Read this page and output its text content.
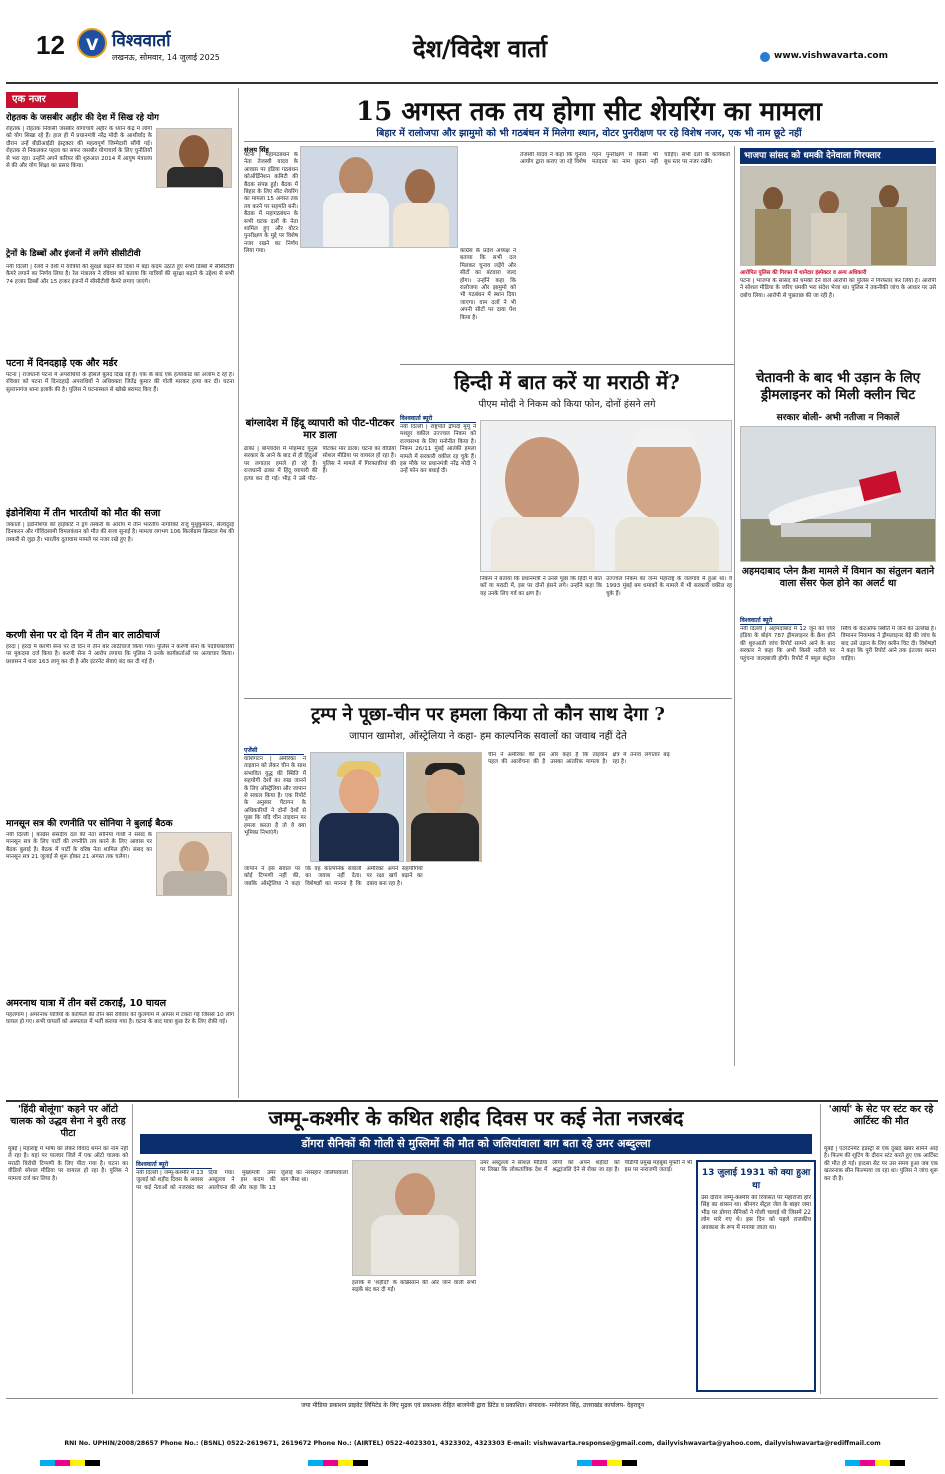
12 V विश्ववार्ता
लखनऊ, सोमवार, 14 जुलाई 2025	देश/विदेश वार्ता	www.vishwavarta.com
एक नजर
रोहतक के जसबीर अहीर की देश में सिख रहे योग
रोहतक | रोहतक निवासी जसबीर योगाचार्य अहीर के ध्यान केंद्र में लोगों को योग सिखा रहे हैं। हाल ही में प्रधानमंत्री नरेंद्र मोदी के आशीर्वाद के दौरान उन्हें बीडीआईडी इंस्ट्रक्टर की महत्वपूर्ण जिम्मेदारी सौंपी गई। रोहतक से निकलकर पहला का सफर जसबीर योगाचार्य के लिए चुनौतियों से भरा रहा। उन्होंने अपने करियर की शुरुआत 2014 में आयुष मंत्रालय से की और योग शिक्षा का प्रसार किया।
ट्रेनों के डिब्बों और इंजनों में लगेंगे सीसीटीवी
नयी दिल्ली | रेलवे ने देशी में यात्रियों की सुरक्षा बढ़ाने की दिशा में बड़ा कदम उठाते हुए सभी डिब्बों में सीसीटीवी कैमरे लगाने का निर्णय लिया है। रेल मंत्रालय ने रविवार को बताया कि यात्रियों की सुरक्षा बढ़ाने के उद्देश्य से सभी 74 हजार डिब्बों और 15 हजार इंजनों में सीसीटीवी कैमरे लगाए जाएंगे।
पटना में दिनदहाड़े एक और मर्डर
पटना | राजधानी पटना में अपराधियों के हौसले बुलंद दिख रहे हैं। एक के बाद एक हत्याकांड को अंजाम दे रहे हैं। रविवार को पटना में दिनदहाड़े अपराधियों ने अधिवक्ता जितेंद्र कुमार की गोली मारकर हत्या कर दी। घटना सुल्तानगंज थाना इलाके की है। पुलिस ने घटनास्थल से खोखे बरामद किए हैं।
इंडोनेशिया में तीन भारतीयों को मौत की सजा
जकार्ता | इंडोनेशिया की हाईकोर्ट ने ड्रग तस्करी के आरोप में तीन भारतीय नागरिकों राजू मुथुकुमारन, सेल्वदुरई दिनकरन और गोविंदसामी विमलकंधन को मौत की सजा सुनाई है। मामला लगभग 106 किलोग्राम क्रिस्टल मेथ की तस्करी से जुड़ा है। भारतीय दूतावास मामले पर नजर रखे हुए है।
करणी सेना पर दो दिन में तीन बार लाठीचार्ज
हरदा | हरदा में करणी सेना पर दो दिन में तीन बार लाठीचार्ज किया गया। पुलिस ने करणी सेना के पदाधिकारियों पर मुकदमा दर्ज किया है। करणी सेना ने आरोप लगाया कि पुलिस ने उनके कार्यकर्ताओं पर अत्याचार किया। प्रशासन ने धारा 163 लागू कर दी है और इंटरनेट सेवाएं बंद कर दी गई हैं।
मानसून सत्र की रणनीति पर सोनिया ने बुलाई बैठक
नयी दिल्ली | कांग्रेस संसदीय दल की नेता सोनिया गांधी ने संसद के मानसून सत्र के लिए पार्टी की रणनीति तय करने के लिए आवास पर बैठक बुलाई है। बैठक में पार्टी के वरिष्ठ नेता शामिल होंगे। संसद का मानसून सत्र 21 जुलाई से शुरू होकर 21 अगस्त तक चलेगा।
अमरनाथ यात्रा में तीन बसें टकराईं, 10 घायल
पहलगाम | अमरनाथ यात्रियों के काफिले की तीन बसें रविवार को कुलगाम में आपस में टकरा गईं जिससे 10 लोग घायल हो गए। सभी घायलों को अस्पताल में भर्ती कराया गया है। घटना के बाद यात्रा कुछ देर के लिए रोकी गई।
15 अगस्त तक तय होगा सीट शेयरिंग का मामला
बिहार में रालोजपा और झामुमो को भी गठबंधन में मिलेगा स्थान, वोटर पुनरीक्षण पर रहे विशेष नजर, एक भी नाम छूटे नहीं
संजय सिंह
पटना | महागठबंधन के नेता तेजस्वी यादव के आवास पर इंडिया गठबंधन कोऑर्डिनेशन कमिटी की बैठक संपन्न हुई। बैठक में बिहार के लिए सीट शेयरिंग का मामला 15 अगस्त तक तय करने पर सहमति बनी। बैठक में महागठबंधन के सभी घटक दलों के नेता शामिल हुए और वोटर पुनरीक्षण के मुद्दे पर विशेष नजर रखने का निर्णय लिया गया।	कांग्रेस के प्रदेश अध्यक्ष ने बताया कि सभी दल मिलकर चुनाव लड़ेंगे और सीटों का बंटवारा जल्द होगा। उन्होंने कहा कि रालोजपा और झामुमो को भी गठबंधन में स्थान दिया जाएगा। वाम दलों ने भी अपनी सीटों पर दावा पेश किया है।
तेजस्वी यादव ने कहा कि चुनाव आयोग द्वारा कराए जा रहे विशेष गहन पुनरीक्षण में किसी भी मतदाता का नाम छूटना नहीं चाहिए। सभी दलों के कार्यकर्ता बूथ स्तर पर नजर रखेंगे।
बांग्लादेश में हिंदू व्यापारी को पीट-पीटकर मार डाला
ढाका | बांग्लादेश में मोहम्मद यूनुस सरकार के आने के बाद से ही हिंदुओं पर लगातार हमले हो रहे हैं। राजधानी ढाका में हिंदू व्यापारी की हत्या कर दी गई। भीड़ ने उसे पीट-पीटकर मार डाला। घटना का वीडियो सोशल मीडिया पर वायरल हो रहा है। पुलिस ने मामले में गिरफ्तारियां की हैं।
भाजपा सांसद को धमकी देनेवाला गिरफ्तार
आरोपित पुलिस की गिरफ्त में थानेदार इंस्पेक्टर व अन्य अधिकारी
पटना | भाजपा के सांसद को धमकी देने वाले आरोपी को पुलिस ने गिरफ्तार कर लिया है। आरोपी ने सोशल मीडिया के जरिए धमकी भरा संदेश भेजा था। पुलिस ने तकनीकी जांच के आधार पर उसे दबोच लिया। आरोपी से पूछताछ की जा रही है।
हिन्दी में बात करें या मराठी में?
पीएम मोदी ने निकम को किया फोन, दोनों हंसने लगे
विश्ववार्ता ब्यूरो
नयी दिल्ली | राष्ट्रपति द्रौपदी मुर्मू ने मशहूर वकील उज्ज्वल निकम को राज्यसभा के लिए मनोनीत किया है। निकम 26/11 मुंबई आतंकी हमला मामले में सरकारी वकील रह चुके हैं। इस मौके पर प्रधानमंत्री नरेंद्र मोदी ने उन्हें फोन कर बधाई दी।
निकम ने बताया कि प्रधानमंत्री ने उनसे पूछा कि हिंदी में बात करें या मराठी में, इस पर दोनों हंसने लगे। उन्होंने कहा कि यह उनके लिए गर्व का क्षण है।
उज्ज्वल निकम का जन्म महाराष्ट्र के जलगांव में हुआ था। वे 1993 मुंबई बम धमाकों के मामले में भी सरकारी वकील रह चुके हैं।
चेतावनी के बाद भी उड़ान के लिए ड्रीमलाइनर को मिली क्लीन चिट
सरकार बोली- अभी नतीजा न निकालें
अहमदाबाद प्लेन क्रैश मामले में विमान का संतुलन बताने वाला सेंसर फेल होने का अलर्ट था
विश्ववार्ता ब्यूरो
नयी दिल्ली | अहमदाबाद में 12 जून को एयर इंडिया के बोइंग 787 ड्रीमलाइनर के क्रैश होने की शुरुआती जांच रिपोर्ट सामने आने के बाद सरकार ने कहा कि अभी किसी नतीजे पर पहुंचना जल्दबाजी होगी। रिपोर्ट में फ्यूल कंट्रोल स्विच के कटऑफ स्थिति में जाने का उल्लेख है। विमानन नियामक ने ड्रीमलाइनर बेड़े की जांच के बाद उसे उड़ान के लिए क्लीन चिट दी। विशेषज्ञों ने कहा कि पूरी रिपोर्ट आने तक इंतजार करना चाहिए।
ट्रम्प ने पूछा-चीन पर हमला किया तो कौन साथ देगा ?
जापान खामोश, ऑस्ट्रेलिया ने कहा- हम काल्पनिक सवालों का जवाब नहीं देते
एजेंसी
वाशिंगटन | अमेरिका ने ताइवान को लेकर चीन के साथ संभावित युद्ध की स्थिति में सहयोगी देशों का रुख जानने के लिए ऑस्ट्रेलिया और जापान से सवाल किया है। एक रिपोर्ट के अनुसार पेंटागन के अधिकारियों ने दोनों देशों से पूछा कि यदि चीन ताइवान पर हमला करता है तो वे क्या भूमिका निभाएंगे।
जापान ने इस सवाल पर कोई टिप्पणी नहीं की, जबकि ऑस्ट्रेलिया ने कहा कि वह काल्पनिक सवालों का जवाब नहीं देता। विशेषज्ञों का मानना है कि अमेरिका अपने सहयोगियों पर रक्षा खर्च बढ़ाने का दबाव बना रहा है।
चीन ने अमेरिका की इस पहल की आलोचना की है और कहा है कि ताइवान उसका आंतरिक मामला है। क्षेत्र में तनाव लगातार बढ़ रहा है।
'हिंदी बोलूंगा' कहने पर ऑटो चालक को उद्धव सेना ने बुरी तरह पीटा
मुंबई | महाराष्ट्र में भाषा को लेकर विवाद थमने का नाम नहीं ले रहा है। यहां पर पालघर जिले में एक ऑटो चालक को मराठी विरोधी टिप्पणी के लिए पीटा गया है। घटना का वीडियो सोशल मीडिया पर वायरल हो रहा है। पुलिस ने मामला दर्ज कर लिया है।
जम्मू-कश्मीर के कथित शहीद दिवस पर कई नेता नजरबंद
डोंगरा सैनिकों की गोली से मुस्लिमों की मौत को जलियांवाला बाग बता रहे उमर अब्दुल्ला
विश्ववार्ता ब्यूरो
नयी दिल्ली | जम्मू-कश्मीर में 13 जुलाई को शहीद दिवस के अवसर पर कई नेताओं को नजरबंद कर दिया गया। मुख्यमंत्री उमर अब्दुल्ला ने इस कदम की आलोचना की और कहा कि 13 जुलाई का नरसंहार जलियांवाला बाग जैसा था।
इलाके में 'शहीदों' के कब्रिस्तान की ओर जाने वाली सभी सड़कें बंद कर दी गईं।
उमर अब्दुल्ला ने सोशल मीडिया पर लिखा कि लोकतांत्रिक देश में लोगों को अपने शहीदों को श्रद्धांजलि देने से रोका जा रहा है। पीडीपी प्रमुख महबूबा मुफ्ती ने भी इस पर नाराजगी जताई।	13 जुलाई 1931 को क्या हुआ था
उस दौरान जम्मू-कश्मीर की रियासत पर महाराजा हरि सिंह का शासन था। श्रीनगर सेंट्रल जेल के बाहर जमा भीड़ पर डोगरा सैनिकों ने गोली चलाई थी जिसमें 22 लोग मारे गए थे। इस दिन को पहले राजकीय अवकाश के रूप में मनाया जाता था।
'आर्या' के सेट पर स्टंट कर रहे आर्टिस्ट की मौत
मुंबई | एंटरटेनमेंट इंडस्ट्री से एक दुखद खबर सामने आई है। फिल्म की शूटिंग के दौरान स्टंट करते हुए एक आर्टिस्ट की मौत हो गई। हादसा सेट पर उस समय हुआ जब एक खतरनाक सीन फिल्माया जा रहा था। पुलिस ने जांच शुरू कर दी है।
जया मीडिया प्रकाशन प्राइवेट लिमिटेड के लिए मुद्रक एवं प्रकाशक रोहित बाजपेयी द्वारा प्रिंटेड व प्रकाशित। संपादक- मनोरंजन सिंह, उत्तराखंड कार्यालय- देहरादून
RNI No. UPHIN/2008/28657 Phone No.: (BSNL) 0522-2619671, 2619672 Phone No.: (AIRTEL) 0522-4023301, 4323302, 4323303 E-mail: vishwavarta.response@gmail.com, dailyvishwavarta@yahoo.com, dailyvishwavarta@rediffmail.com
